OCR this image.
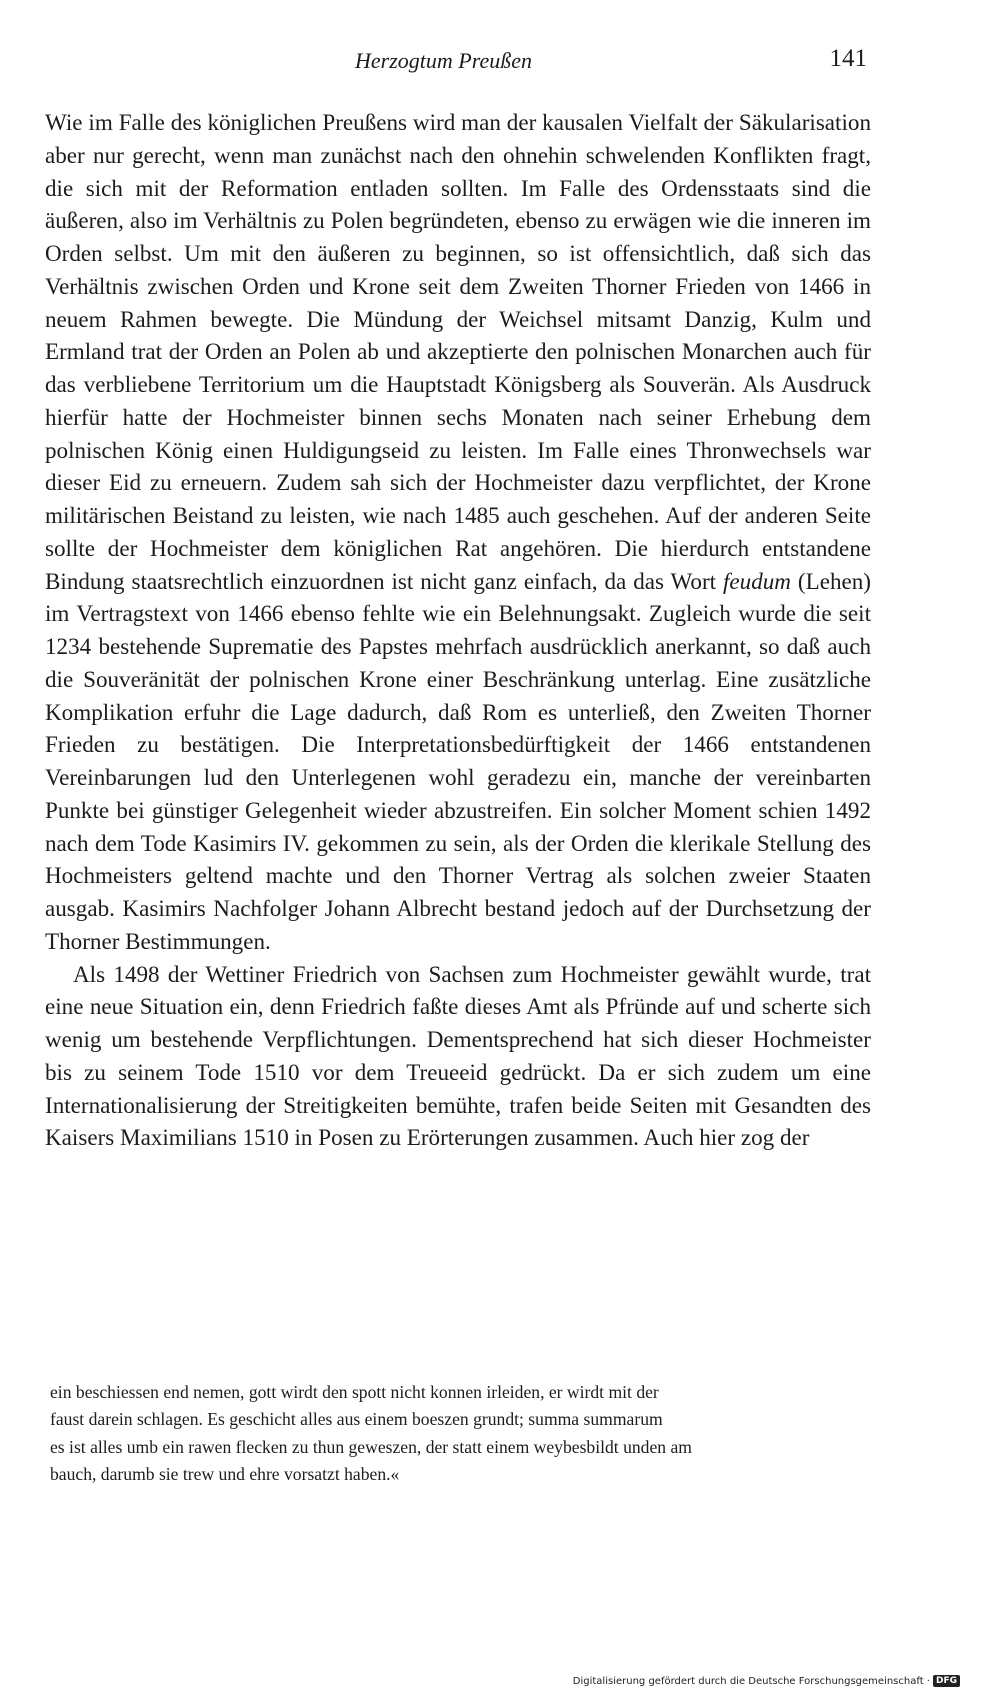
Herzogtum Preußen	141

Wie im Falle des königlichen Preußens wird man der kausalen Vielfalt der Säkularisation aber nur gerecht, wenn man zunächst nach den ohnehin schwelenden Konflikten fragt, die sich mit der Reformation entladen sollten. Im Falle des Ordensstaats sind die äußeren, also im Verhältnis zu Polen begründeten, ebenso zu erwägen wie die inneren im Orden selbst. Um mit den äußeren zu beginnen, so ist offensichtlich, daß sich das Verhältnis zwischen Orden und Krone seit dem Zweiten Thorner Frieden von 1466 in neuem Rahmen bewegte. Die Mündung der Weichsel mitsamt Danzig, Kulm und Ermland trat der Orden an Polen ab und akzeptierte den polnischen Monarchen auch für das verbliebene Territorium um die Hauptstadt Königsberg als Souverän. Als Ausdruck hierfür hatte der Hochmeister binnen sechs Monaten nach seiner Erhebung dem polnischen König einen Huldigungseid zu leisten. Im Falle eines Thronwechsels war dieser Eid zu erneuern. Zudem sah sich der Hochmeister dazu verpflichtet, der Krone militärischen Beistand zu leisten, wie nach 1485 auch geschehen. Auf der anderen Seite sollte der Hochmeister dem königlichen Rat angehören. Die hierdurch entstandene Bindung staatsrechtlich einzuordnen ist nicht ganz einfach, da das Wort feudum (Lehen) im Vertragstext von 1466 ebenso fehlte wie ein Belehnungsakt. Zugleich wurde die seit 1234 bestehende Suprematie des Papstes mehrfach ausdrücklich anerkannt, so daß auch die Souveränität der polnischen Krone einer Beschränkung unterlag. Eine zusätzliche Komplikation erfuhr die Lage dadurch, daß Rom es unterließ, den Zweiten Thorner Frieden zu bestätigen. Die Interpretationsbedürftigkeit der 1466 entstandenen Vereinbarungen lud den Unterlegenen wohl geradezu ein, manche der vereinbarten Punkte bei günstiger Gelegenheit wieder abzustreifen. Ein solcher Moment schien 1492 nach dem Tode Kasimirs IV. gekommen zu sein, als der Orden die klerikale Stellung des Hochmeisters geltend machte und den Thorner Vertrag als solchen zweier Staaten ausgab. Kasimirs Nachfolger Johann Albrecht bestand jedoch auf der Durchsetzung der Thorner Bestimmungen.

Als 1498 der Wettiner Friedrich von Sachsen zum Hochmeister gewählt wurde, trat eine neue Situation ein, denn Friedrich faßte dieses Amt als Pfründe auf und scherte sich wenig um bestehende Verpflichtungen. Dementsprechend hat sich dieser Hochmeister bis zu seinem Tode 1510 vor dem Treueeid gedrückt. Da er sich zudem um eine Internationalisierung der Streitigkeiten bemühte, trafen beide Seiten mit Gesandten des Kaisers Maximilians 1510 in Posen zu Erörterungen zusammen. Auch hier zog der

ein beschiessen end nemen, gott wirdt den spott nicht konnen irleiden, er wirdt mit der
faust darein schlagen. Es geschicht alles aus einem boeszen grundt; summa summarum
es ist alles umb ein rawen flecken zu thun geweszen, der statt einem weybesbildt unden am
bauch, darumb sie trew und ehre vorsatzt haben.«

Digitalisierung gefördert durch die Deutsche Forschungsgemeinschaft · DFG
